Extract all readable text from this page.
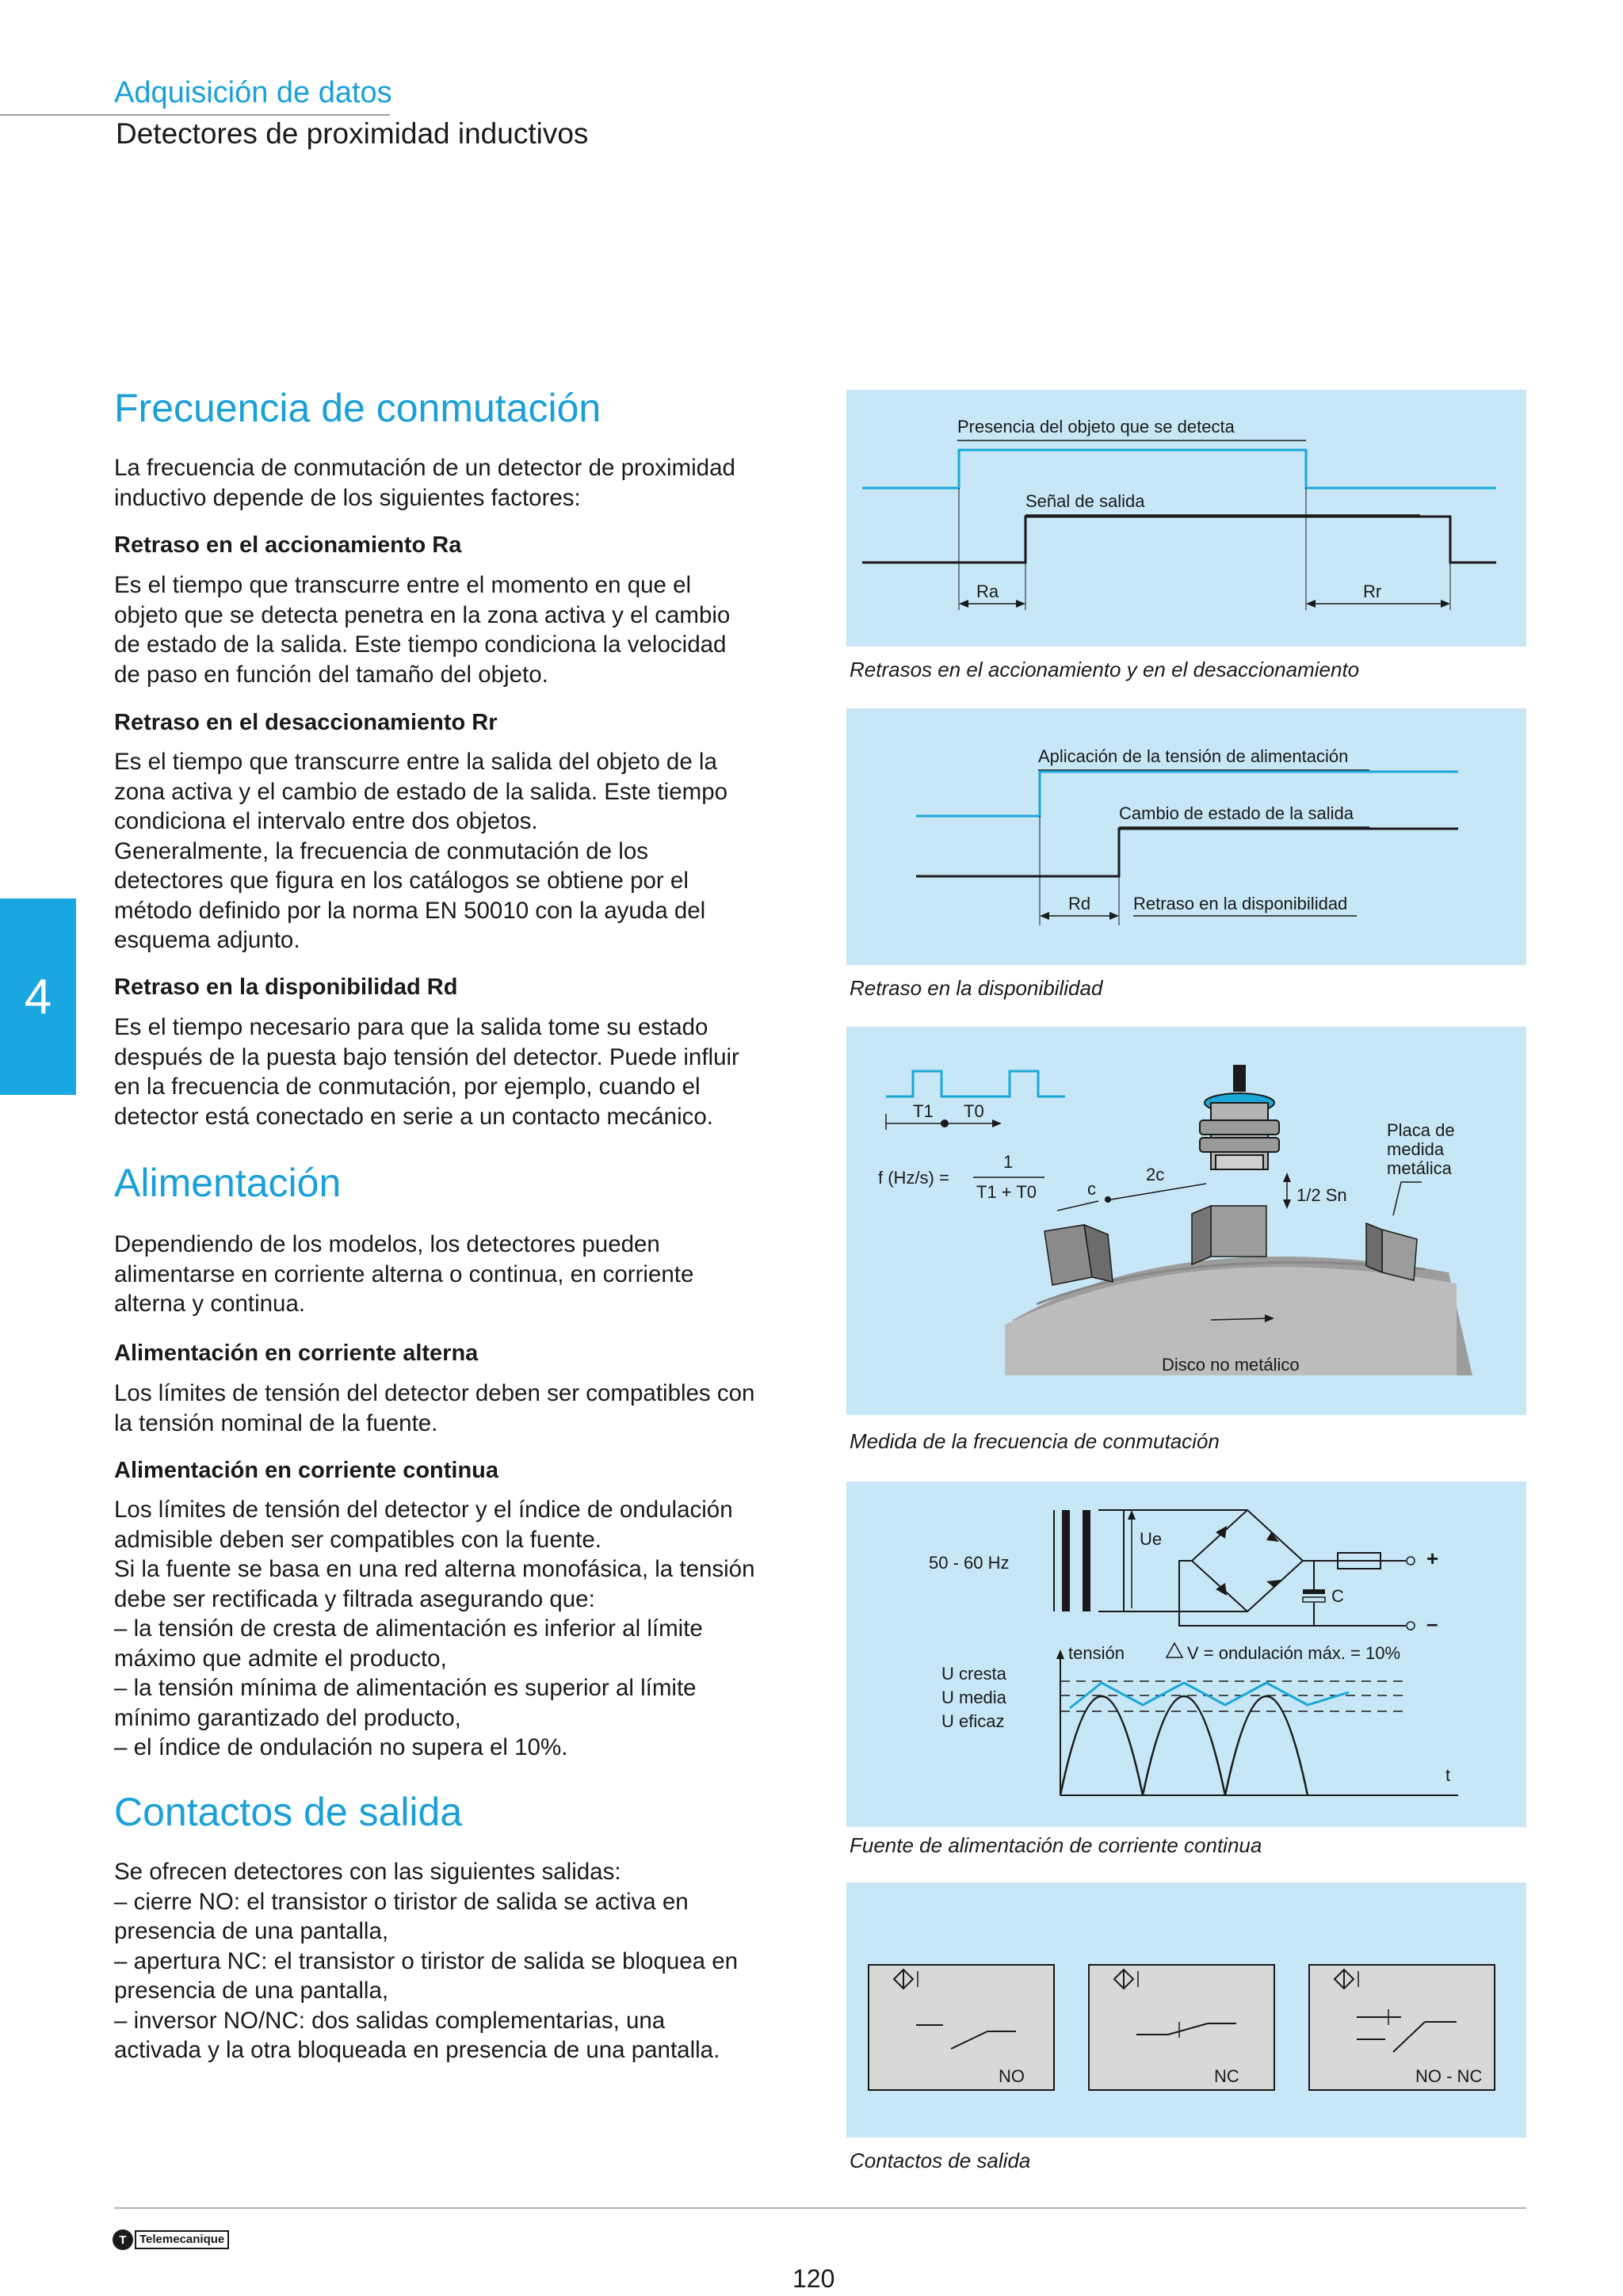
Adquisición de datos
Detectores de proximidad inductivos
4
Frecuencia de conmutación

La frecuencia de conmutación de un detector de proximidad
inductivo depende de los siguientes factores:

Retraso en el accionamiento Ra

Es el tiempo que transcurre entre el momento en que el
objeto que se detecta penetra en la zona activa y el cambio
de estado de la salida. Este tiempo condiciona la velocidad
de paso en función del tamaño del objeto.

Retraso en el desaccionamiento Rr

Es el tiempo que transcurre entre la salida del objeto de la
zona activa y el cambio de estado de la salida. Este tiempo
condiciona el intervalo entre dos objetos.
Generalmente, la frecuencia de conmutación de los
detectores que figura en los catálogos se obtiene por el
método definido por la norma EN 50010 con la ayuda del
esquema adjunto.

Retraso en la disponibilidad Rd

Es el tiempo necesario para que la salida tome su estado
después de la puesta bajo tensión del detector. Puede influir
en la frecuencia de conmutación, por ejemplo, cuando el
detector está conectado en serie a un contacto mecánico.

Alimentación

Dependiendo de los modelos, los detectores pueden
alimentarse en corriente alterna o continua, en corriente
alterna y continua.

Alimentación en corriente alterna

Los límites de tensión del detector deben ser compatibles con
la tensión nominal de la fuente.

Alimentación en corriente continua

Los límites de tensión del detector y el índice de ondulación
admisible deben ser compatibles con la fuente.
Si la fuente se basa en una red alterna monofásica, la tensión
debe ser rectificada y filtrada asegurando que:
– la tensión de cresta de alimentación es inferior al límite
máximo que admite el producto,
– la tensión mínima de alimentación es superior al límite
mínimo garantizado del producto,
– el índice de ondulación no supera el 10%.

Contactos de salida

Se ofrecen detectores con las siguientes salidas:
– cierre NO: el transistor o tiristor de salida se activa en
presencia de una pantalla,
– apertura NC: el transistor o tiristor de salida se bloquea en
presencia de una pantalla,
– inversor NO/NC: dos salidas complementarias, una
activada y la otra bloqueada en presencia de una pantalla.

Presencia del objeto que se detecta
Señal de salida
Ra	Rr
Retrasos en el accionamiento y en el desaccionamiento
Aplicación de la tensión de alimentación
Cambio de estado de la salida
Rd Retraso en la disponibilidad
Retraso en la disponibilidad
T1 T0
f (Hz/s) =
1
T1 + T0	c
2c
1/2 Sn
Placa de
medida
metálica
Disco no metálico
Medida de la frecuencia de conmutación
50 - 60 Hz
Ue
+
C
–
tensión	V = ondulación máx. = 10%
U cresta
U media
U eficaz
t
Fuente de alimentación de corriente continua
NO	NC	NO - NC
Contactos de salida
T	Telemecanique
120
